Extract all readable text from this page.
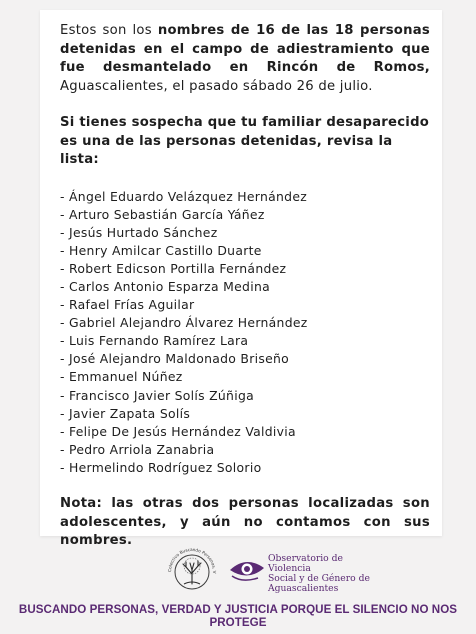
Estos son los nombres de 16 de las 18 personas detenidas en el campo de adiestramiento que fue desmantelado en Rincón de Romos, Aguascalientes, el pasado sábado 26 de julio.
Si tienes sospecha que tu familiar desaparecido es una de las personas detenidas, revisa la lista:
- Ángel Eduardo Velázquez Hernández
- Arturo Sebastián García Yáñez
- Jesús Hurtado Sánchez
- Henry Amilcar Castillo Duarte
- Robert Edicson Portilla Fernández
- Carlos Antonio Esparza Medina
- Rafael Frías Aguilar
- Gabriel Alejandro Álvarez Hernández
- Luis Fernando Ramírez Lara
- José Alejandro Maldonado Briseño
- Emmanuel Núñez
- Francisco Javier Solís Zúñiga
- Javier Zapata Solís
- Felipe De Jesús Hernández Valdivia
- Pedro Arriola Zanabria
- Hermelindo Rodríguez Solorio
Nota: las otras dos personas localizadas son
adolescentes, y aún no contamos con sus nombres.
Colectivo Buscando Personas, V
Observatorio de Violencia
Social y de Género de
Aguascalientes
BUSCANDO PERSONAS, VERDAD Y JUSTICIA PORQUE EL SILENCIO NO NOS PROTEGE
